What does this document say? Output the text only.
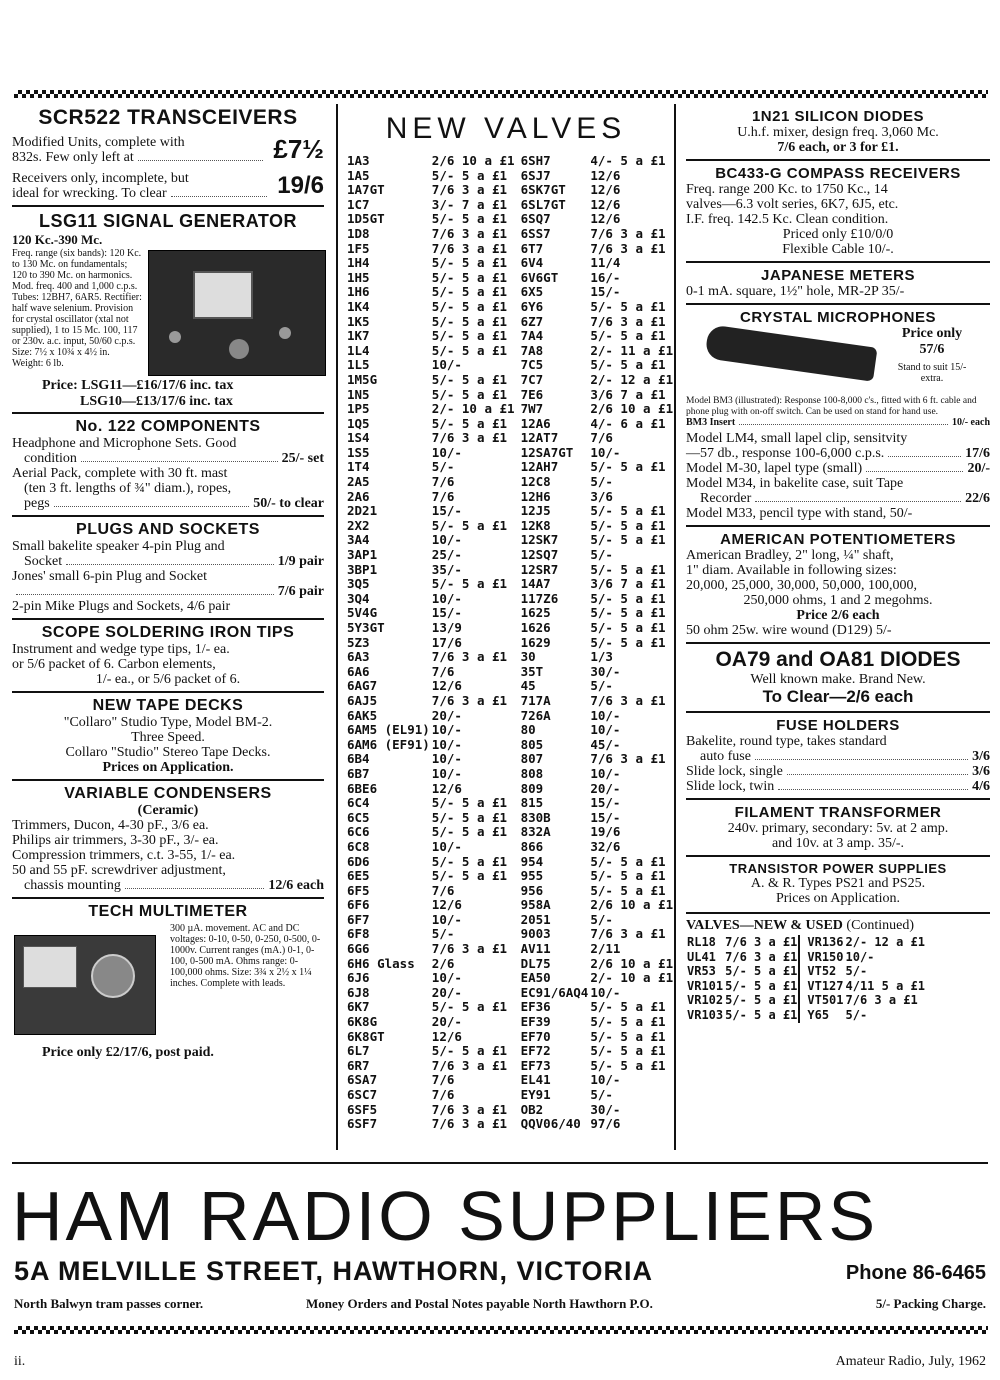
SCR522 TRANSCEIVERS
Modified Units, complete with
832s. Few only left at	£7½
Receivers only, incomplete, but
ideal for wrecking. To clear	19/6
LSG11 SIGNAL GENERATOR
120 Kc.-390 Mc.
Freq. range (six bands): 120 Kc. to 130 Mc. on fundamentals; 120 to 390 Mc. on harmonics. Mod. freq. 400 and 1,000 c.p.s. Tubes: 12BH7, 6AR5. Rectifier: half wave selenium. Provision for crystal oscillator (xtal not supplied), 1 to 15 Mc. 100, 117 or 230v. a.c. input, 50/60 c.p.s. Size: 7½ x 10¾ x 4½ in. Weight: 6 lb.
Price: LSG11—£16/17/6 inc. tax
LSG10—£13/17/6 inc. tax
No. 122 COMPONENTS
Headphone and Microphone Sets. Good
condition	25/- set
Aerial Pack, complete with 30 ft. mast
(ten 3 ft. lengths of ¾" diam.), ropes,
pegs	50/- to clear
PLUGS AND SOCKETS
Small bakelite speaker 4-pin Plug and
Socket	1/9 pair
Jones' small 6-pin Plug and Socket
7/6 pair
2-pin Mike Plugs and Sockets, 4/6 pair
SCOPE SOLDERING IRON TIPS
Instrument and wedge type tips, 1/- ea.
or 5/6 packet of 6. Carbon elements,
1/- ea., or 5/6 packet of 6.
NEW TAPE DECKS
"Collaro" Studio Type, Model BM-2.
Three Speed.
Collaro "Studio" Stereo Tape Decks.
Prices on Application.
VARIABLE CONDENSERS
(Ceramic)
Trimmers, Ducon, 4-30 pF., 3/6 ea.
Philips air trimmers, 3-30 pF., 3/- ea.
Compression trimmers, c.t. 3-55, 1/- ea.
50 and 55 pF. screwdriver adjustment,
chassis mounting	12/6 each
TECH MULTIMETER
300 µA. movement. AC and DC voltages: 0-10, 0-50, 0-250, 0-500, 0-1000v. Current ranges (mA.) 0-1, 0-100, 0-500 mA. Ohms range: 0-100,000 ohms. Size: 3¾ x 2½ x 1¼ inches. Complete with leads.
Price only £2/17/6, post paid.
NEW VALVES
1A3	2/6 10 a £1
1A5	5/- 5 a £1
1A7GT	7/6 3 a £1
1C7	3/- 7 a £1
1D5GT	5/- 5 a £1
1D8	7/6 3 a £1
1F5	7/6 3 a £1
1H4	5/- 5 a £1
1H5	5/- 5 a £1
1H6	5/- 5 a £1
1K4	5/- 5 a £1
1K5	5/- 5 a £1
1K7	5/- 5 a £1
1L4	5/- 5 a £1
1L5	10/-
1M5G	5/- 5 a £1
1N5	5/- 5 a £1
1P5	2/- 10 a £1
1Q5	5/- 5 a £1
1S4	7/6 3 a £1
1S5	10/-
1T4	5/-
2A5	7/6
2A6	7/6
2D21	15/-
2X2	5/- 5 a £1
3A4	10/-
3AP1	25/-
3BP1	35/-
3Q5	5/- 5 a £1
3Q4	10/-
5V4G	15/-
5Y3GT	13/9
5Z3	17/6
6A3	7/6 3 a £1
6A6	7/6
6AG7	12/6
6AJ5	7/6 3 a £1
6AK5	20/-
6AM5 (EL91)	10/-
6AM6 (EF91)	10/-
6B4	10/-
6B7	10/-
6BE6	12/6
6C4	5/- 5 a £1
6C5	5/- 5 a £1
6C6	5/- 5 a £1
6C8	10/-
6D6	5/- 5 a £1
6E5	5/- 5 a £1
6F5	7/6
6F6	12/6
6F7	10/-
6F8	5/-
6G6	7/6 3 a £1
6H6 Glass	2/6
6J6	10/-
6J8	20/-
6K7	5/- 5 a £1
6K8G	20/-
6K8GT	12/6
6L7	5/- 5 a £1
6R7	7/6 3 a £1
6SA7	7/6
6SC7	7/6
6SF5	7/6 3 a £1
6SF7	7/6 3 a £1
6SH7	4/- 5 a £1
6SJ7	12/6
6SK7GT	12/6
6SL7GT	12/6
6SQ7	12/6
6SS7	7/6 3 a £1
6T7	7/6 3 a £1
6V4	11/4
6V6GT	16/-
6X5	15/-
6Y6	5/- 5 a £1
6Z7	7/6 3 a £1
7A4	5/- 5 a £1
7A8	2/- 11 a £1
7C5	5/- 5 a £1
7C7	2/- 12 a £1
7E6	3/6 7 a £1
7W7	2/6 10 a £1
12A6	4/- 6 a £1
12AT7	7/6
12SA7GT	10/-
12AH7	5/- 5 a £1
12C8	5/-
12H6	3/6
12J5	5/- 5 a £1
12K8	5/- 5 a £1
12SK7	5/- 5 a £1
12SQ7	5/-
12SR7	5/- 5 a £1
14A7	3/6 7 a £1
117Z6	5/- 5 a £1
1625	5/- 5 a £1
1626	5/- 5 a £1
1629	5/- 5 a £1
30	1/3
35T	30/-
45	5/-
717A	7/6 3 a £1
726A	10/-
80	10/-
805	45/-
807	7/6 3 a £1
808	10/-
809	20/-
815	15/-
830B	15/-
832A	19/6
866	32/6
954	5/- 5 a £1
955	5/- 5 a £1
956	5/- 5 a £1
958A	2/6 10 a £1
2051	5/-
9003	7/6 3 a £1
AV11	2/11
DL75	2/6 10 a £1
EA50	2/- 10 a £1
EC91/6AQ4	10/-
EF36	5/- 5 a £1
EF39	5/- 5 a £1
EF70	5/- 5 a £1
EF72	5/- 5 a £1
EF73	5/- 5 a £1
EL41	10/-
EY91	5/-
OB2	30/-
QQV06/40	97/6
1N21 SILICON DIODES
U.h.f. mixer, design freq. 3,060 Mc.
7/6 each, or 3 for £1.
BC433-G COMPASS RECEIVERS
Freq. range 200 Kc. to 1750 Kc., 14
valves—6.3 volt series, 6K7, 6J5, etc.
I.F. freq. 142.5 Kc. Clean condition.
Priced only £10/0/0
Flexible Cable 10/-.
JAPANESE METERS
0-1 mA. square, 1½" hole, MR-2P 35/-
CRYSTAL MICROPHONES
Price only
57/6
Stand to suit 15/- extra.
Model BM3 (illustrated): Response 100-8,000 c's., fitted with 6 ft. cable and phone plug with on-off switch. Can be used on stand for hand use.
BM3 Insert	10/- each
Model LM4, small lapel clip, sensitvity
—57 db., response 100-6,000 c.p.s.	17/6
Model M-30, lapel type (small)	20/-
Model M34, in bakelite case, suit Tape
Recorder	22/6
Model M33, pencil type with stand, 50/-
AMERICAN POTENTIOMETERS
American Bradley, 2" long, ¼" shaft,
1" diam. Available in following sizes:
20,000, 25,000, 30,000, 50,000, 100,000,
250,000 ohms, 1 and 2 megohms.
Price 2/6 each
50 ohm 25w. wire wound (D129) 5/-
OA79 and OA81 DIODES
Well known make. Brand New.
To Clear—2/6 each
FUSE HOLDERS
Bakelite, round type, takes standard
auto fuse	3/6
Slide lock, single	3/6
Slide lock, twin	4/6
FILAMENT TRANSFORMER
240v. primary, secondary: 5v. at 2 amp.
and 10v. at 3 amp. 35/-.
TRANSISTOR POWER SUPPLIES
A. & R. Types PS21 and PS25.
Prices on Application.
VALVES—NEW & USED (Continued)
RL18	7/6 3 a £1
UL41	7/6 3 a £1
VR53	5/- 5 a £1
VR101	5/- 5 a £1
VR102	5/- 5 a £1
VR103	5/- 5 a £1
VR136	2/- 12 a £1
VR150	10/-
VT52	5/-
VT127	4/11 5 a £1
VT501	7/6 3 a £1
Y65	5/-
HAM RADIO SUPPLIERS
5A MELVILLE STREET, HAWTHORN, VICTORIA	Phone 86-6465
North Balwyn tram passes corner.	Money Orders and Postal Notes payable North Hawthorn P.O.	5/- Packing Charge.
ii.	Amateur Radio, July, 1962
